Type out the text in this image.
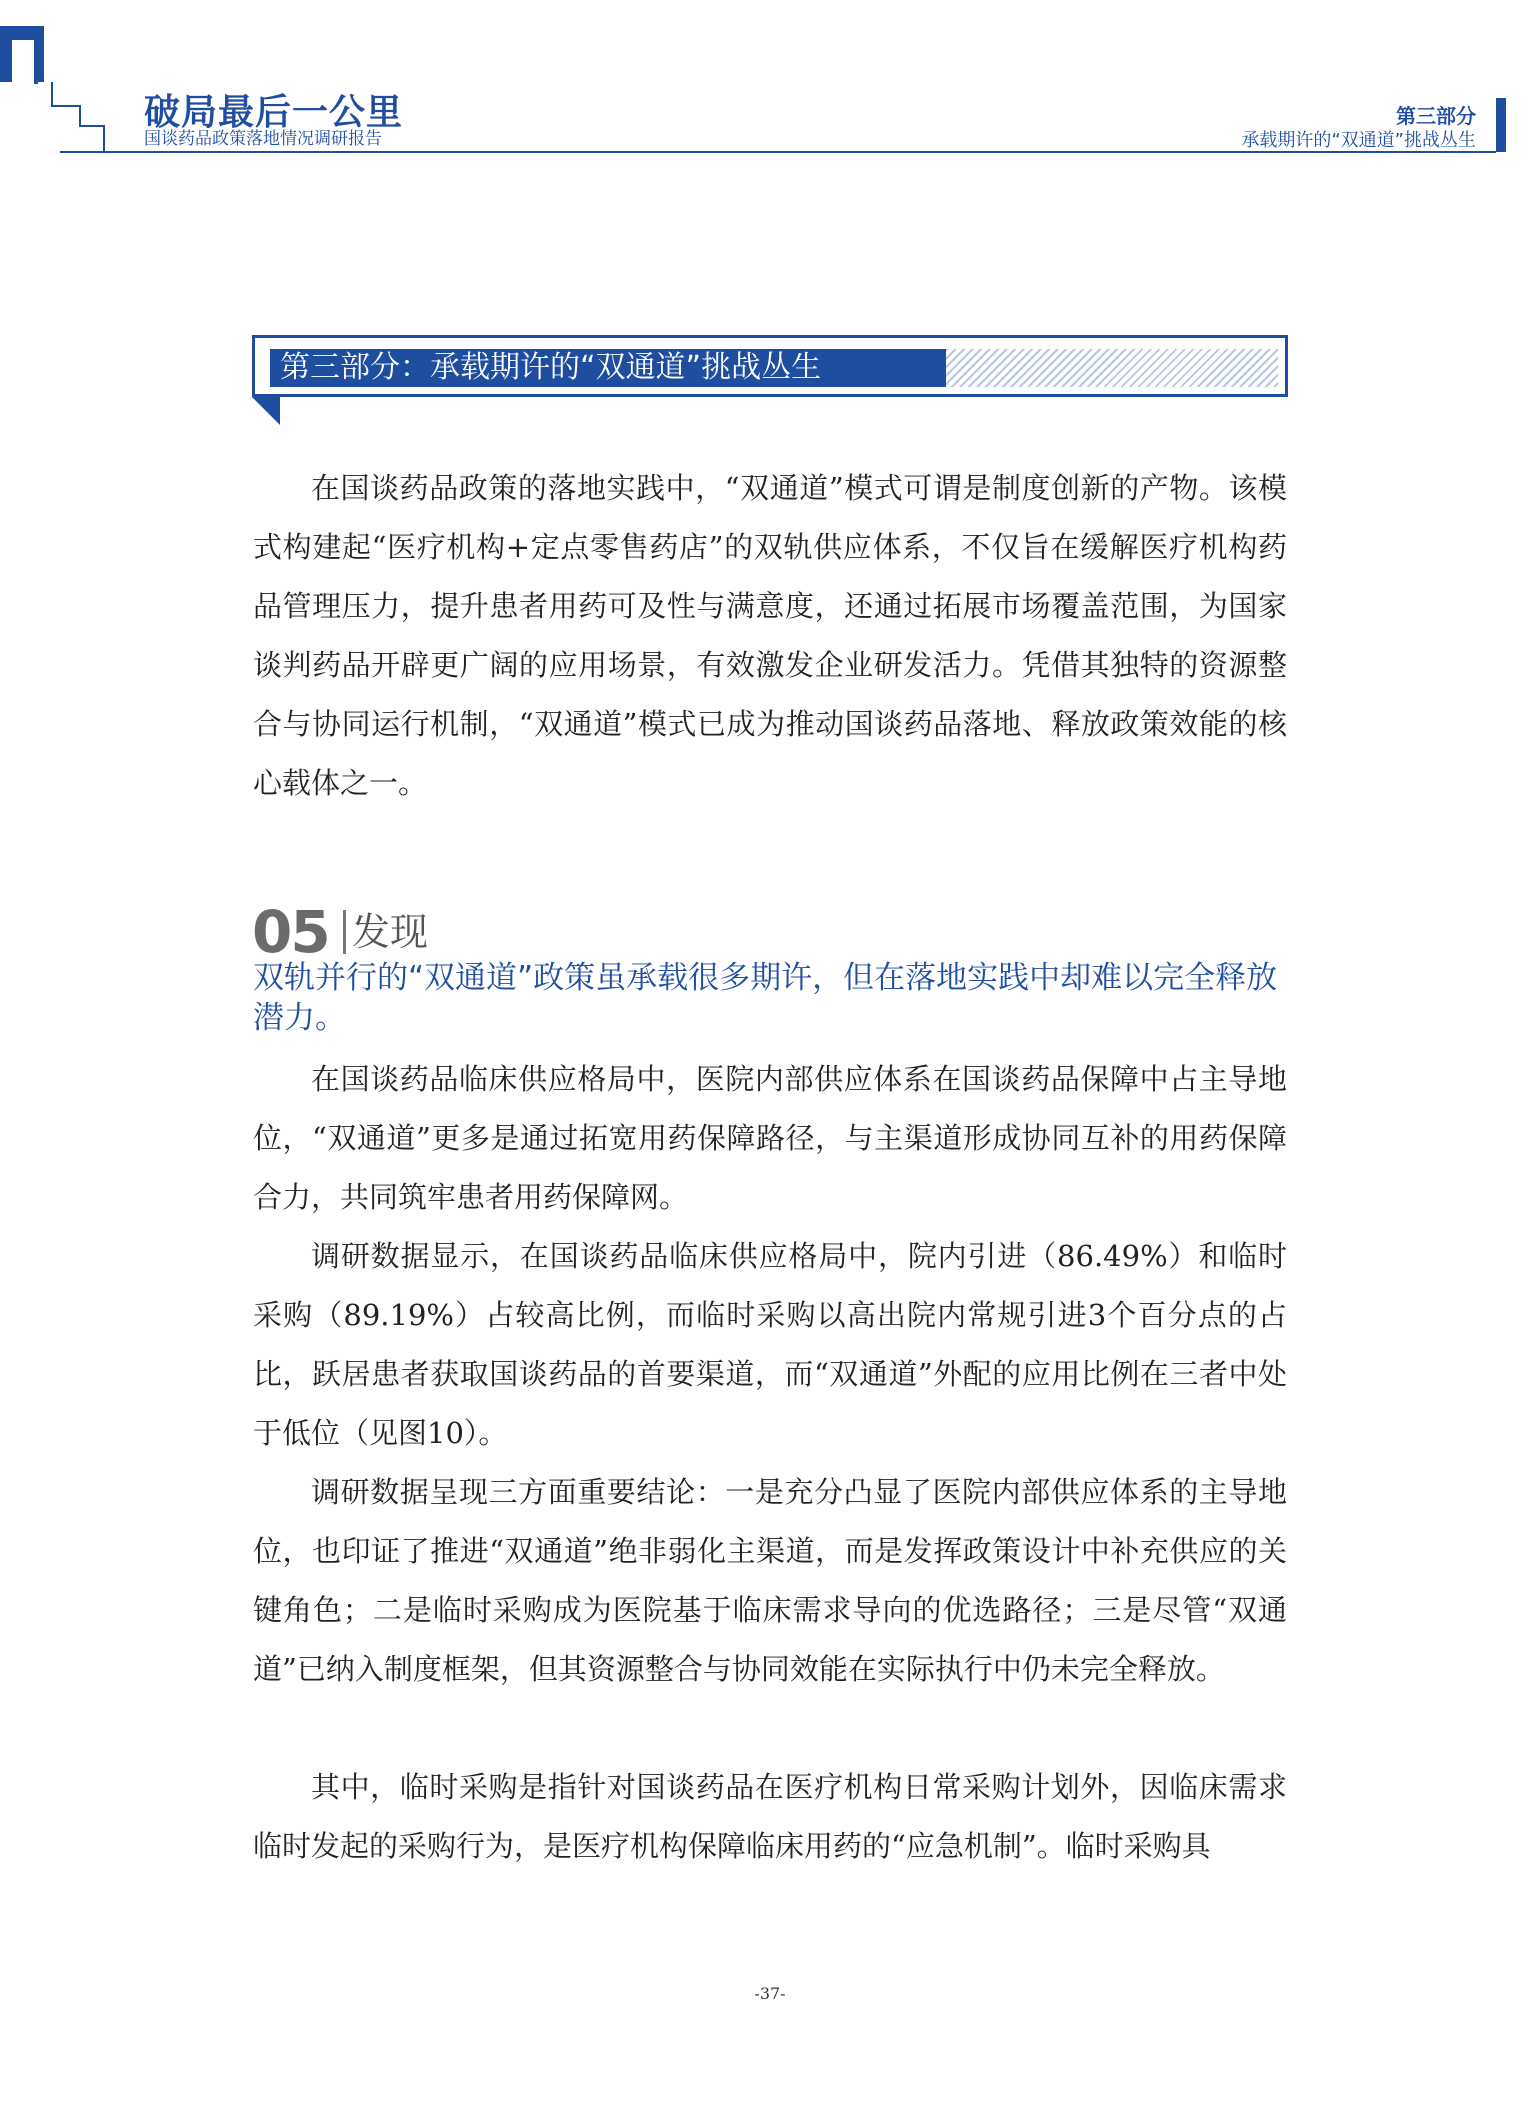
破局最后一公里
国谈药品政策落地情况调研报告
第三部分
承载期许的“双通道”挑战丛生
第三部分：承载期许的“双通道”挑战丛生

在国谈药品政策的落地实践中，“双通道”模式可谓是制度创新的产物。该模式构建起“医疗机构+定点零售药店”的双轨供应体系，不仅旨在缓解医疗机构药品管理压力，提升患者用药可及性与满意度，还通过拓展市场覆盖范围，为国家谈判药品开辟更广阔的应用场景，有效激发企业研发活力。凭借其独特的资源整合与协同运行机制，“双通道”模式已成为推动国谈药品落地、释放政策效能的核心载体之一。

05 发现

双轨并行的“双通道”政策虽承载很多期许，但在落地实践中却难以完全释放潜力。

在国谈药品临床供应格局中，医院内部供应体系在国谈药品保障中占主导地位，“双通道”更多是通过拓宽用药保障路径，与主渠道形成协同互补的用药保障合力，共同筑牢患者用药保障网。

调研数据显示，在国谈药品临床供应格局中，院内引进（86.49%）和临时采购（89.19%）占较高比例，而临时采购以高出院内常规引进3个百分点的占比，跃居患者获取国谈药品的首要渠道，而“双通道”外配的应用比例在三者中处于低位（见图10）。

调研数据呈现三方面重要结论：一是充分凸显了医院内部供应体系的主导地位，也印证了推进“双通道”绝非弱化主渠道，而是发挥政策设计中补充供应的关键角色；二是临时采购成为医院基于临床需求导向的优选路径；三是尽管“双通道”已纳入制度框架，但其资源整合与协同效能在实际执行中仍未完全释放。

其中，临时采购是指针对国谈药品在医疗机构日常采购计划外，因临床需求临时发起的采购行为，是医疗机构保障临床用药的“应急机制”。临时采购具

-37-
